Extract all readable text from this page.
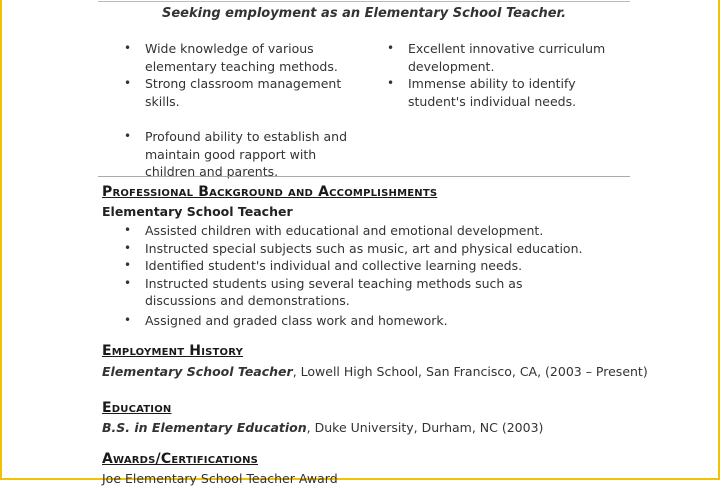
Seeking employment as an Elementary School Teacher.
• Wide knowledge of various elementary teaching methods.
• Strong classroom management skills.
• Profound ability to establish and maintain good rapport with children and parents.
• Excellent innovative curriculum development.
• Immense ability to identify student's individual needs.
Professional Background and Accomplishments
Elementary School Teacher
• Assisted children with educational and emotional development.
• Instructed special subjects such as music, art and physical education.
• Identified student's individual and collective learning needs.
• Instructed students using several teaching methods such as discussions and demonstrations.
• Assigned and graded class work and homework.
Employment History
Elementary School Teacher, Lowell High School, San Francisco, CA, (2003 – Present)
Education
B.S. in Elementary Education, Duke University, Durham, NC (2003)
Awards/Certifications
Joe Elementary School Teacher Award
